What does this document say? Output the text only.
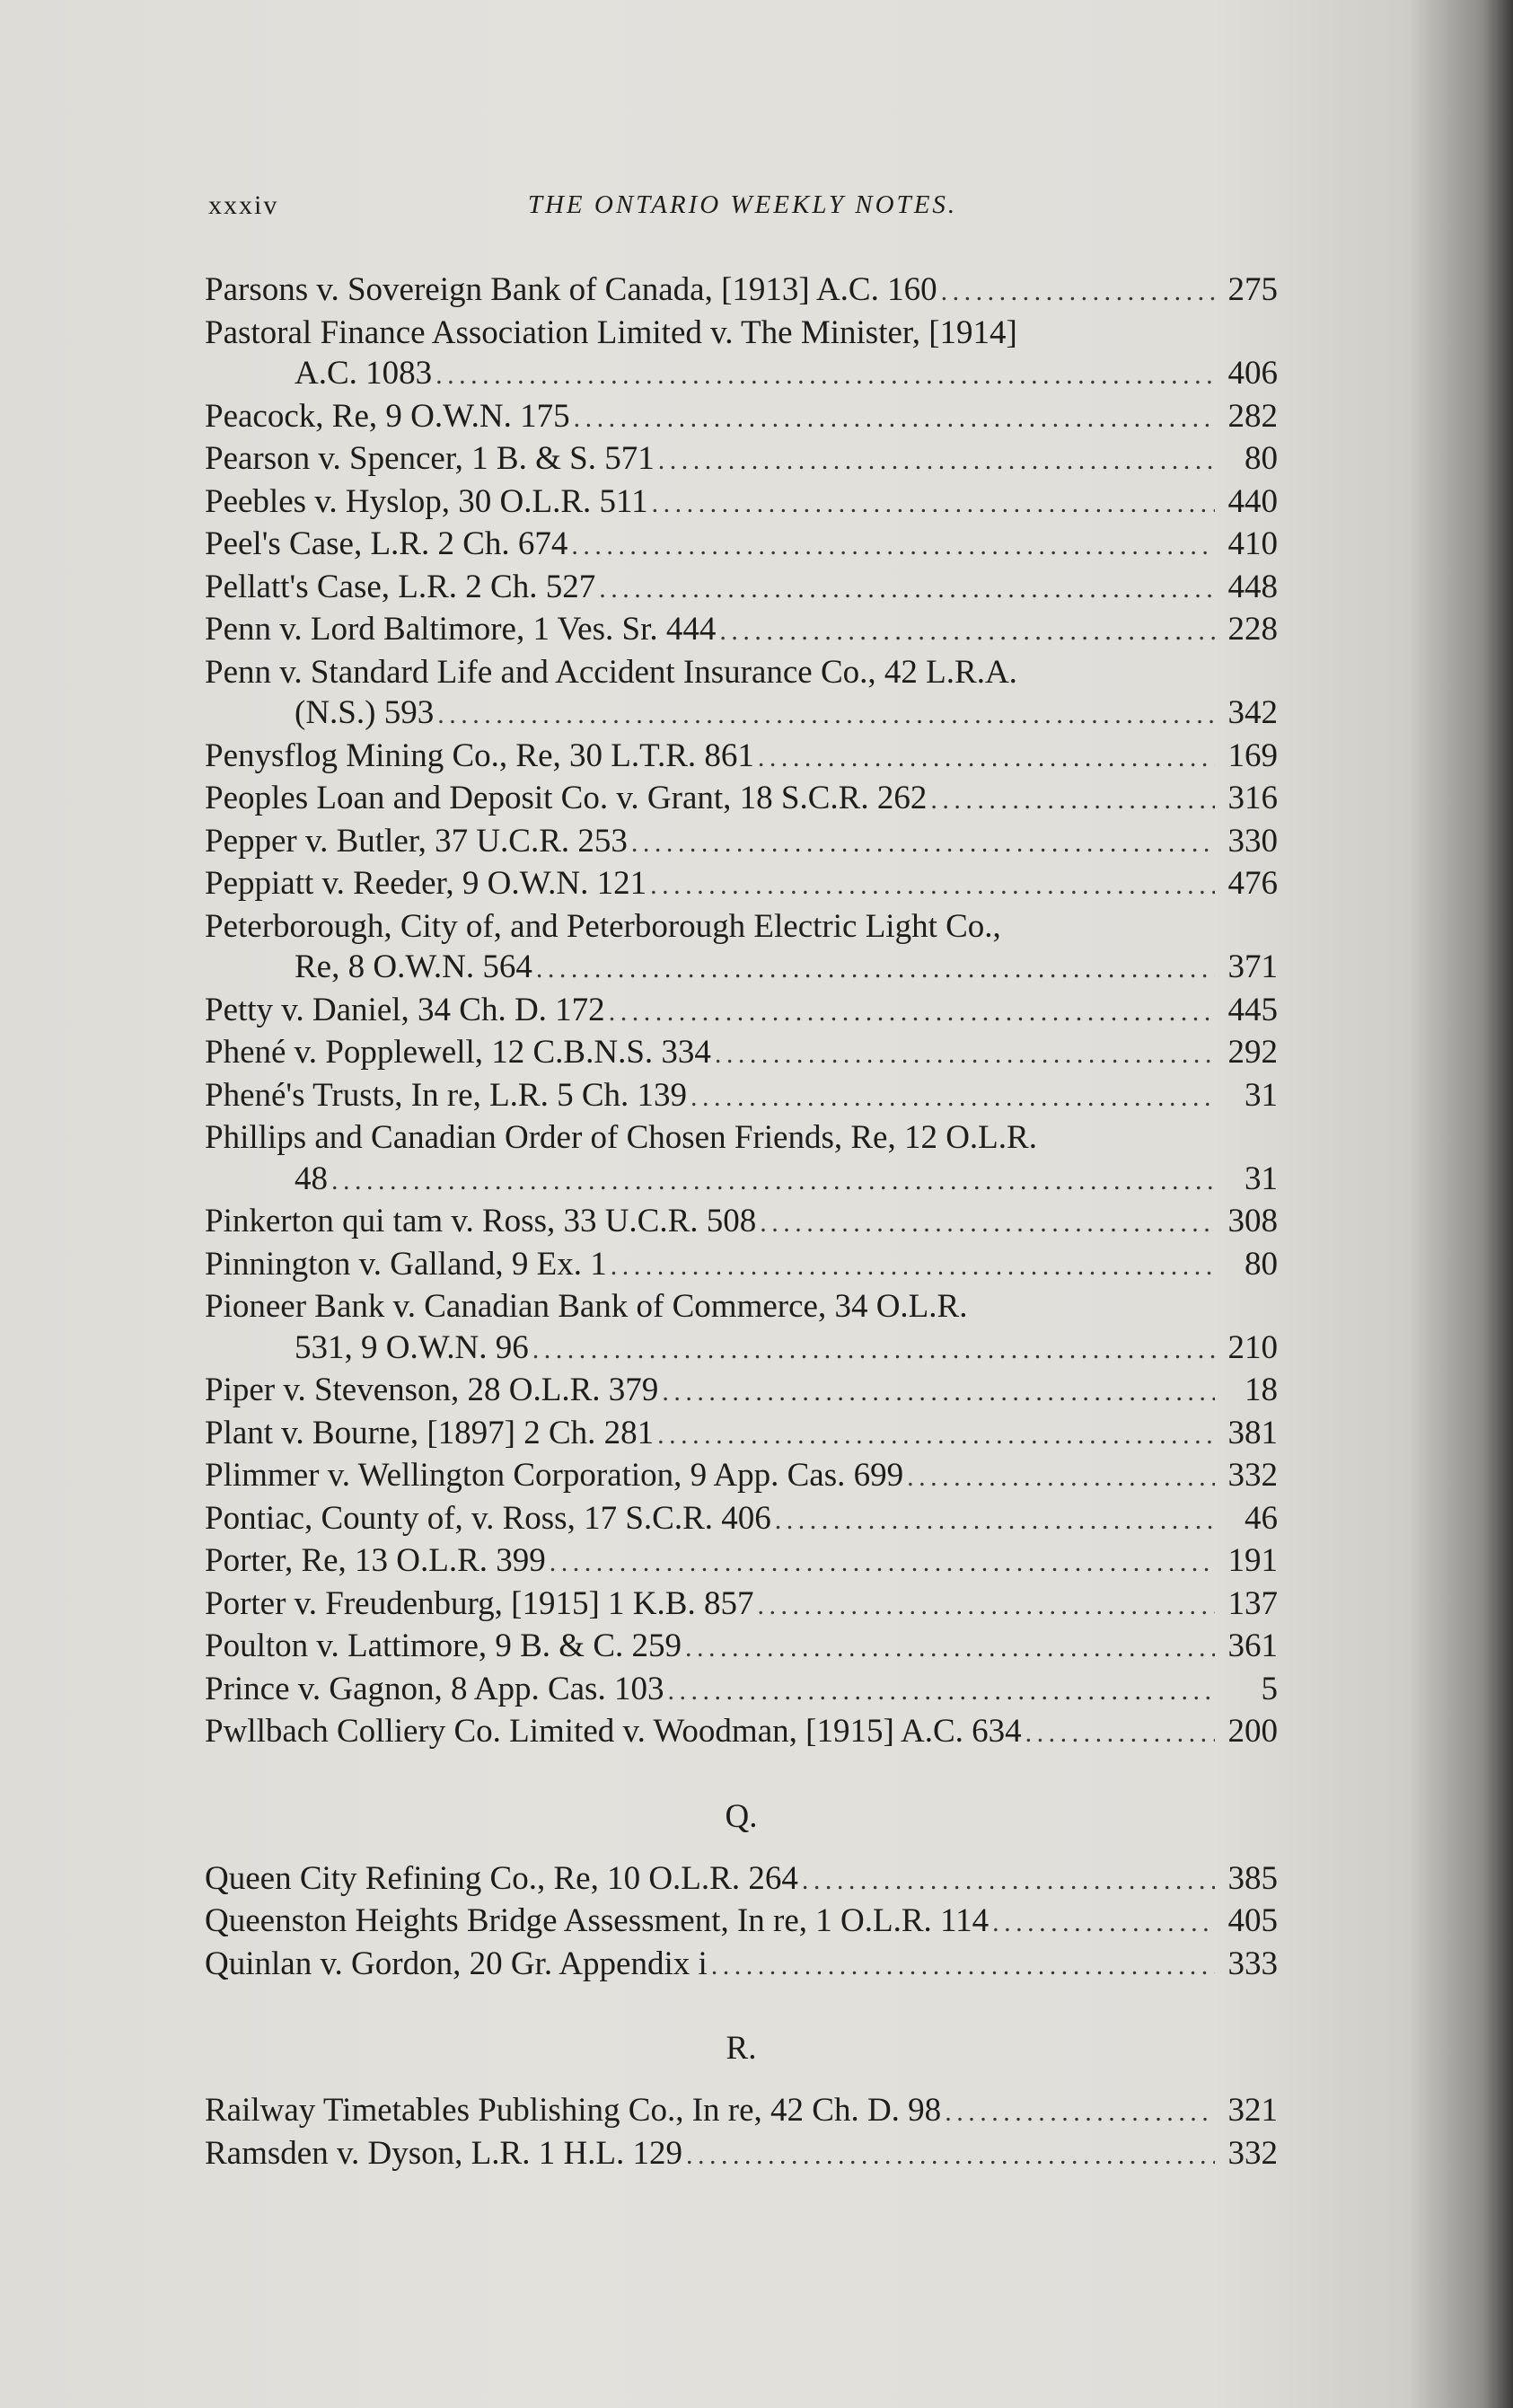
xxxiv	THE ONTARIO WEEKLY NOTES.
Parsons v. Sovereign Bank of Canada, [1913] A.C. 160 . . .	275
Pastoral Finance Association Limited v. The Minister, [1914]
A.C. 1083 . . .	406
Peacock, Re, 9 O.W.N. 175 . . .	282
Pearson v. Spencer, 1 B. & S. 571 . . .	80
Peebles v. Hyslop, 30 O.L.R. 511 . . .	440
Peel's Case, L.R. 2 Ch. 674 . . .	410
Pellatt's Case, L.R. 2 Ch. 527 . . .	448
Penn v. Lord Baltimore, 1 Ves. Sr. 444 . . .	228
Penn v. Standard Life and Accident Insurance Co., 42 L.R.A.
(N.S.) 593 . . .	342
Penysflog Mining Co., Re, 30 L.T.R. 861 . . .	169
Peoples Loan and Deposit Co. v. Grant, 18 S.C.R. 262 . . .	316
Pepper v. Butler, 37 U.C.R. 253 . . .	330
Peppiatt v. Reeder, 9 O.W.N. 121 . . .	476
Peterborough, City of, and Peterborough Electric Light Co.,
Re, 8 O.W.N. 564 . . .	371
Petty v. Daniel, 34 Ch. D. 172 . . .	445
Phené v. Popplewell, 12 C.B.N.S. 334 . . .	292
Phené's Trusts, In re, L.R. 5 Ch. 139 . . .	31
Phillips and Canadian Order of Chosen Friends, Re, 12 O.L.R.
48 . . .	31
Pinkerton qui tam v. Ross, 33 U.C.R. 508 . . .	308
Pinnington v. Galland, 9 Ex. 1 . . .	80
Pioneer Bank v. Canadian Bank of Commerce, 34 O.L.R.
531, 9 O.W.N. 96 . . .	210
Piper v. Stevenson, 28 O.L.R. 379 . . .	18
Plant v. Bourne, [1897] 2 Ch. 281 . . .	381
Plimmer v. Wellington Corporation, 9 App. Cas. 699 . . .	332
Pontiac, County of, v. Ross, 17 S.C.R. 406 . . .	46
Porter, Re, 13 O.L.R. 399 . . .	191
Porter v. Freudenburg, [1915] 1 K.B. 857 . . .	137
Poulton v. Lattimore, 9 B. & C. 259 . . .	361
Prince v. Gagnon, 8 App. Cas. 103 . . .	5
Pwllbach Colliery Co. Limited v. Woodman, [1915] A.C. 634 . . .	200
Q.
Queen City Refining Co., Re, 10 O.L.R. 264 . . .	385
Queenston Heights Bridge Assessment, In re, 1 O.L.R. 114 . . .	405
Quinlan v. Gordon, 20 Gr. Appendix i . . .	333
R.
Railway Timetables Publishing Co., In re, 42 Ch. D. 98 . . .	321
Ramsden v. Dyson, L.R. 1 H.L. 129 . . .	332
